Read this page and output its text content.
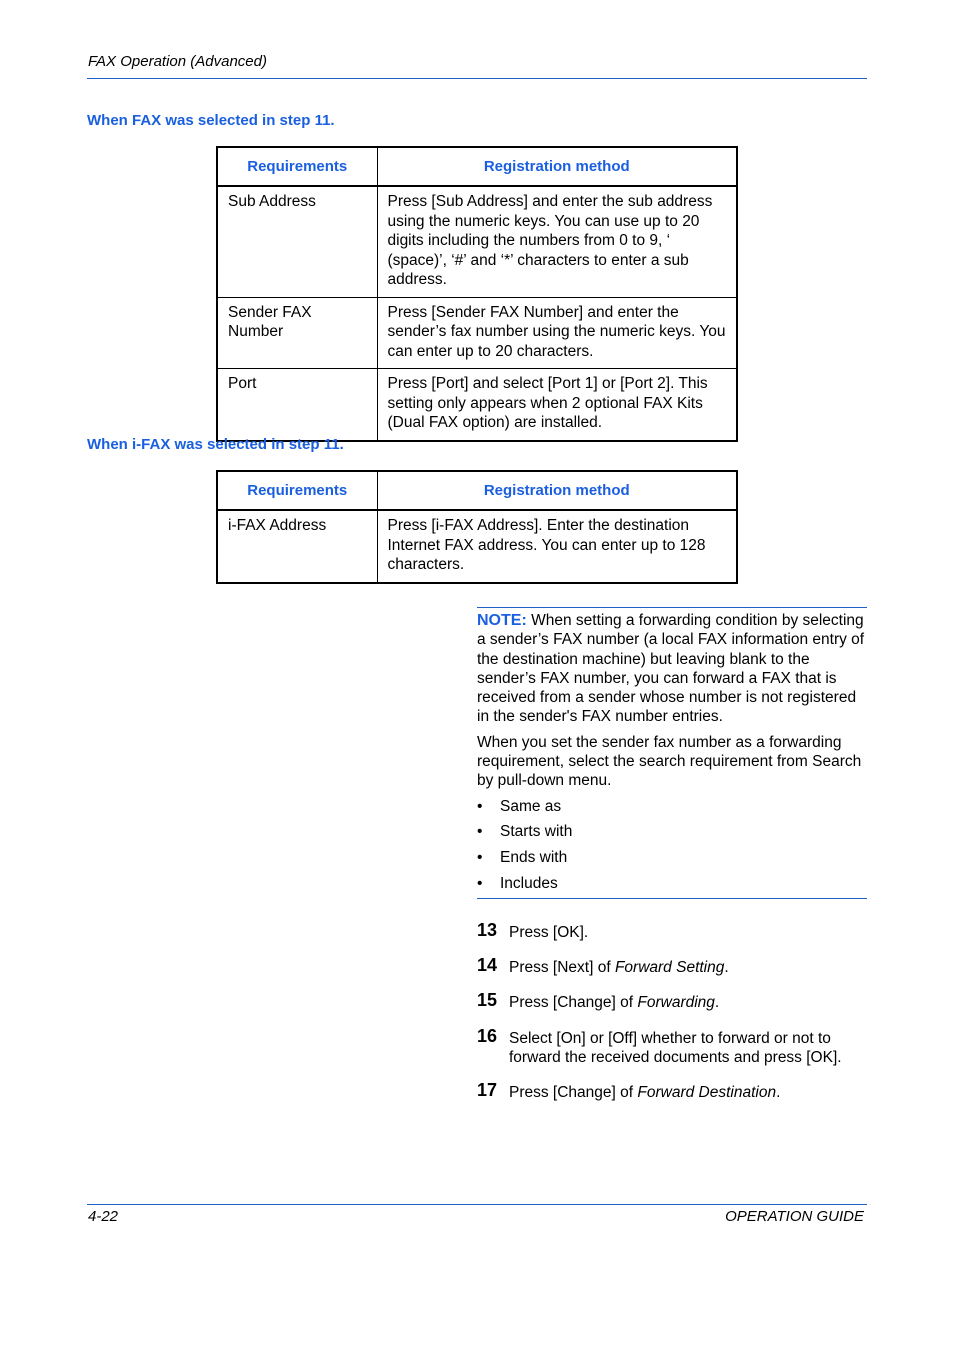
FAX Operation (Advanced)
When FAX was selected in step 11.
Requirements	Registration method
Sub Address	Press [Sub Address] and enter the sub address using the numeric keys. You can use up to 20 digits including the numbers from 0 to 9, ‘ (space)’, ‘#’ and ‘*’ characters to enter a sub address.
Sender FAX Number	Press [Sender FAX Number] and enter the sender’s fax number using the numeric keys. You can enter up to 20 characters.
Port	Press [Port] and select [Port 1] or [Port 2]. This setting only appears when 2 optional FAX Kits (Dual FAX option) are installed.
When i-FAX was selected in step 11.
Requirements	Registration method
i-FAX Address	Press [i-FAX Address]. Enter the destination Internet FAX address. You can enter up to 128 characters.
NOTE: When setting a forwarding condition by selecting a sender’s FAX number (a local FAX information entry of the destination machine) but leaving blank to the sender’s FAX number, you can forward a FAX that is received from a sender whose number is not registered in the sender's FAX number entries.
When you set the sender fax number as a forwarding requirement, select the search requirement from Search by pull-down menu.
• Same as
• Starts with
• Ends with
• Includes
13 Press [OK].
14 Press [Next] of Forward Setting.
15 Press [Change] of Forwarding.
16 Select [On] or [Off] whether to forward or not to forward the received documents and press [OK].
17 Press [Change] of Forward Destination.
4-22	OPERATION GUIDE
